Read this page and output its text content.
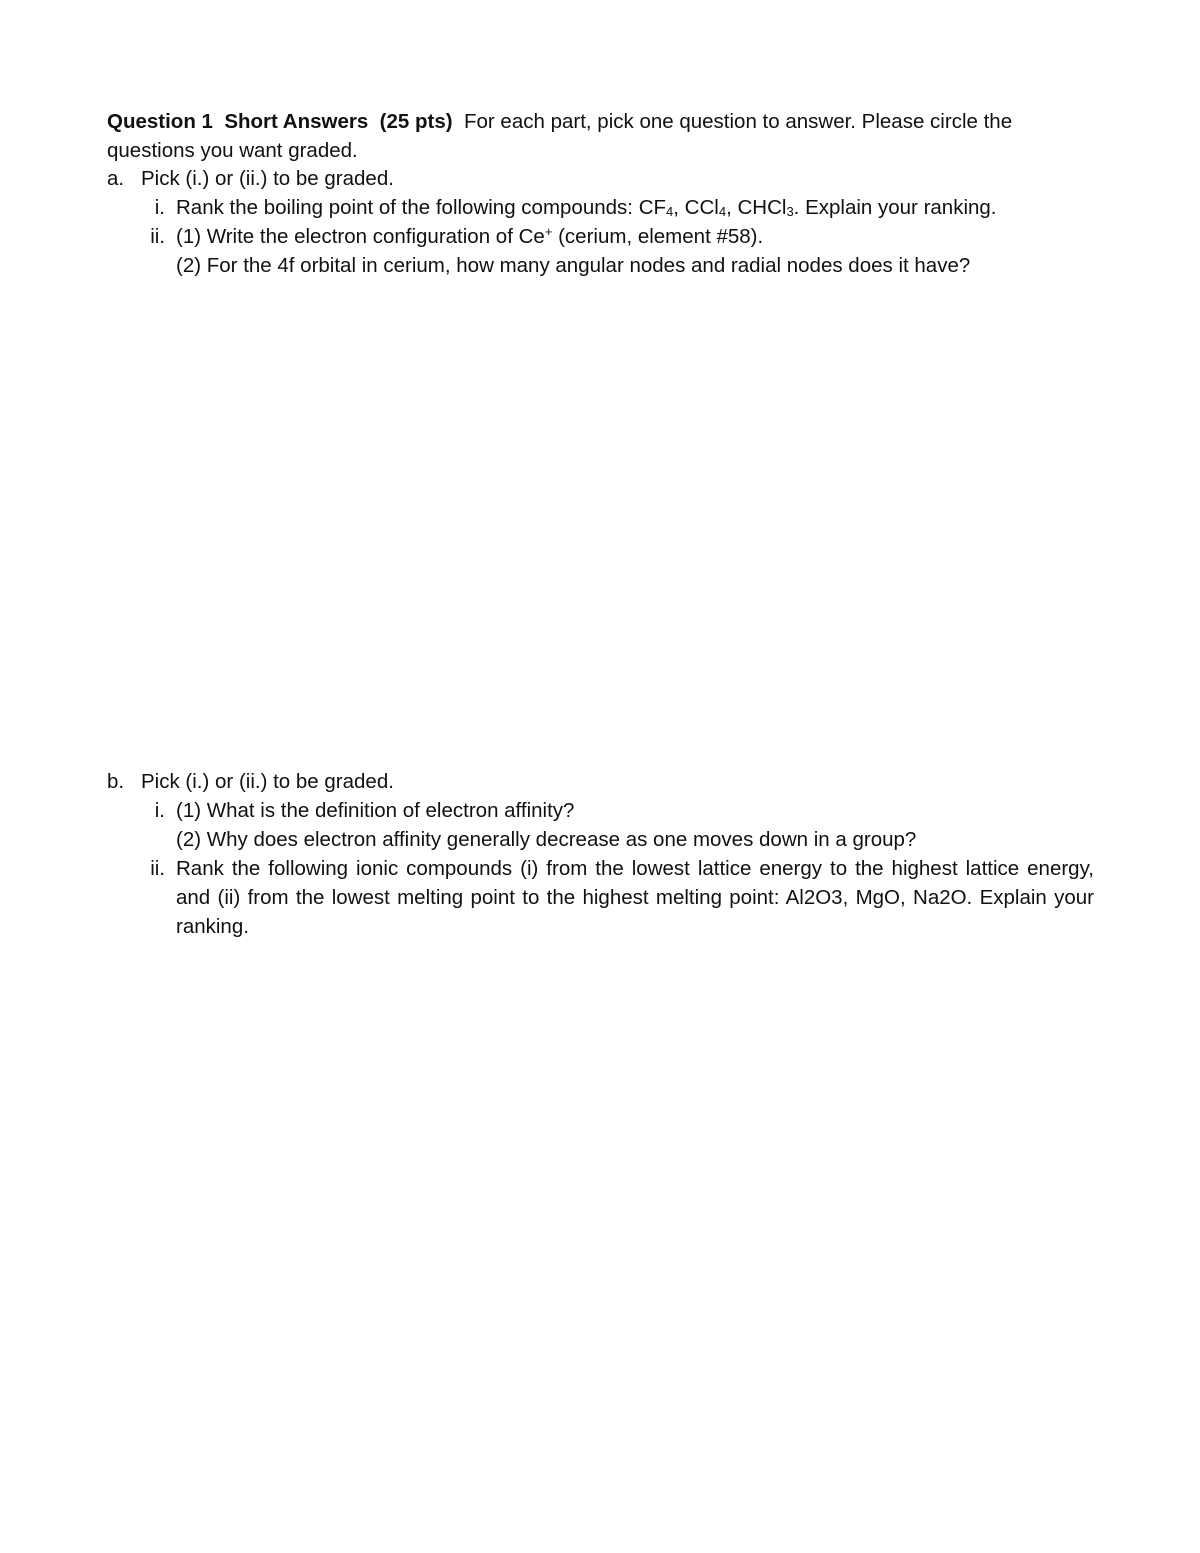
Question 1 Short Answers (25 pts) For each part, pick one question to answer. Please circle the
questions you want graded.
a. Pick (i.) or (ii.) to be graded.
i. Rank the boiling point of the following compounds: $CF_4$, CCl$_4$, CHCl$_3$. Explain your ranking.
ii. (1) Write the electron configuration of Ce+ (cerium, element #58).
(2) For the 4f orbital in cerium, how many angular nodes and radial nodes does it have?
b. Pick (i.) or (ii.) to be graded.
i. (1) What is the definition of electron affinity?
(2) Why does electron affinity generally decrease as one moves down in a group?
ii. Rank the following ionic compounds (i) from the lowest lattice energy to the highest lattice energy, and (ii) from the lowest melting point to the highest melting point: Al2O3, MgO, Na2O. Explain your ranking.
